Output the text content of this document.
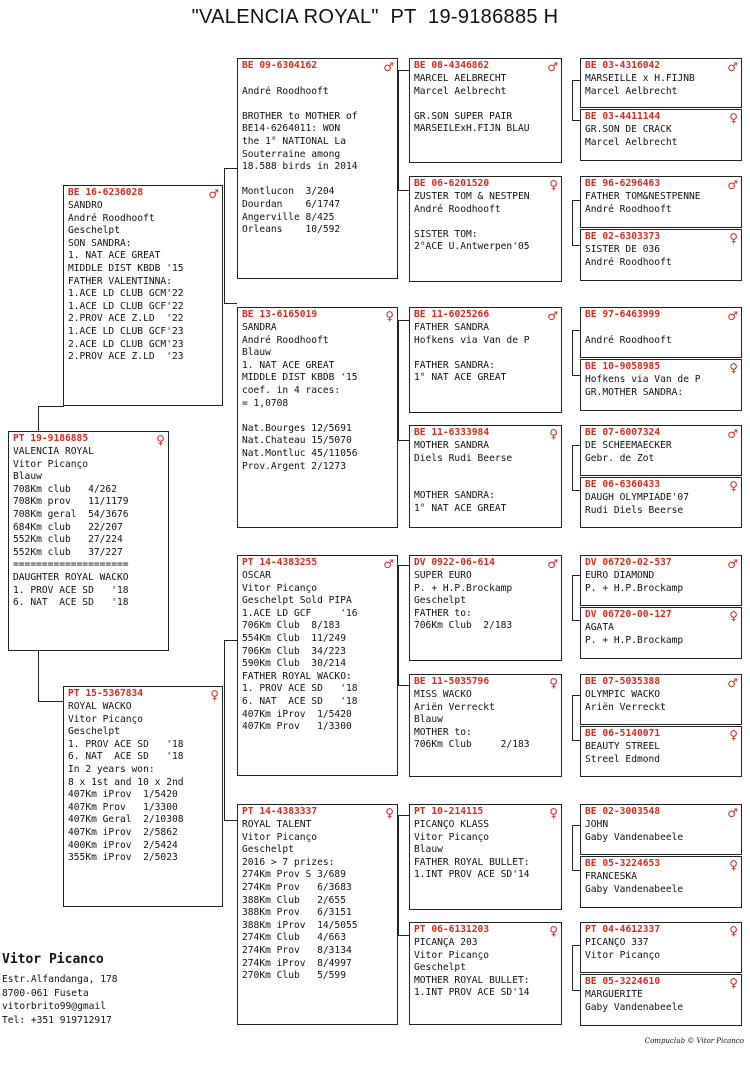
"VALENCIA ROYAL"  PT  19-9186885 H
PT 19-9186885	♀
VALENCIA ROYAL
Vitor Picanço
Blauw
708Km club   4/262
708Km prov   11/1179
708Km geral  54/3676
684Km club   22/207
552Km club   27/224
552Km club   37/227
====================
DAUGHTER ROYAL WACKO
1. PROV ACE SD   '18
6. NAT  ACE SD   '18
BE 16-6236028	♂
SANDRO
André Roodhooft
Geschelpt
SON SANDRA:
1. NAT ACE GREAT
MIDDLE DIST KBDB '15
FATHER VALENTINNA:
1.ACE LD CLUB GCM'22
1.ACE LD CLUB GCF'22
2.PROV ACE Z.LD  '22
1.ACE LD CLUB GCF'23
2.ACE LD CLUB GCM'23
2.PROV ACE Z.LD  '23
PT 15-5367834	♀
ROYAL WACKO
Vitor Picanço
Geschelpt
1. PROV ACE SD   '18
6. NAT  ACE SD   '18
In 2 years won:
8 x 1st and 10 x 2nd
407Km iProv  1/5420
407Km Prov   1/3300
407Km Geral  2/10308
407Km iProv  2/5862
400Km iProv  2/5424
355Km iProv  2/5023
BE 09-6304162	♂
André Roodhooft
BROTHER to MOTHER of
BE14-6264011: WON
the 1° NATIONAL La
Souterraine among
18.588 birds in 2014
Montlucon  3/204
Dourdan    6/1747
Angerville 8/425
Orleans    10/592
BE 13-6165019	♀
SANDRA
André Roodhooft
Blauw
1. NAT ACE GREAT
MIDDLE DIST KBDB '15
coef. in 4 races:
= 1,0708
Nat.Bourges 12/5691
Nat.Chateau 15/5070
Nat.Montluc 45/11056
Prov.Argent 2/1273
PT 14-4383255	♂
OSCAR
Vitor Picanço
Geschelpt Sold PIPA
1.ACE LD GCF     '16
706Km Club  8/183
554Km Club  11/249
706Km Club  34/223
590Km Club  30/214
FATHER ROYAL WACKO:
1. PROV ACE SD   '18
6. NAT  ACE SD   '18
407Km iProv  1/5420
407Km Prov   1/3300
PT 14-4383337	♀
ROYAL TALENT
Vitor Picanço
Geschelpt
2016 > 7 prizes:
274Km Prov S 3/689
274Km Prov   6/3683
388Km Club   2/655
388Km Prov   6/3151
388Km iProv  14/5055
274Km Club   4/663
274Km Prov   8/3134
274Km iProv  8/4997
270Km Club   5/599
BE 08-4346862	♂
MARCEL AELBRECHT
Marcel Aelbrecht
GR.SON SUPER PAIR
MARSEILExH.FIJN BLAU
BE 06-6201520	♀
ZUSTER TOM & NESTPEN
André Roodhooft
SISTER TOM:
2°ACE U.Antwerpen'05
BE 11-6025266	♂
FATHER SANDRA
Hofkens via Van de P
FATHER SANDRA:
1° NAT ACE GREAT
BE 11-6333984	♀
MOTHER SANDRA
Diels Rudi Beerse
MOTHER SANDRA:
1° NAT ACE GREAT
DV 0922-06-614	♂
SUPER EURO
P. + H.P.Brockamp
Geschelpt
FATHER to:
706Km Club  2/183
BE 11-5035796	♀
MISS WACKO
Ariën Verreckt
Blauw
MOTHER to:
706Km Club     2/183
PT 10-214115	♀
PICANÇO KLASS
Vitor Picanço
Blauw
FATHER ROYAL BULLET:
1.INT PROV ACE SD'14
PT 06-6131203	♀
PICANÇA 203
Vitor Picanço
Geschelpt
MOTHER ROYAL BULLET:
1.INT PROV ACE SD'14
BE 03-4316042	♂
MARSEILLE x H.FIJNB
Marcel Aelbrecht
BE 03-4411144	♀
GR.SON DE CRACK
Marcel Aelbrecht
BE 96-6296463	♂
FATHER TOM&NESTPENNE
André Roodhooft
BE 02-6303373	♀
SISTER DE 036
André Roodhooft
BE 97-6463999	♂
André Roodhooft
BE 10-9058985	♀
Hofkens via Van de P
GR.MOTHER SANDRA:
BE 07-6007324	♂
DE SCHEEMAECKER
Gebr. de Zot
BE 06-6360433	♀
DAUGH OLYMPIADE'07
Rudi Diels Beerse
DV 06720-02-537	♂
EURO DIAMOND
P. + H.P.Brockamp
DV 06720-00-127	♀
AGATA
P. + H.P.Brockamp
BE 07-5035388	♂
OLYMPIC WACKO
Ariën Verreckt
BE 06-5140071	♀
BEAUTY STREEL
Streel Edmond
BE 02-3003548	♂
JOHN
Gaby Vandenabeele
BE 05-3224653	♀
FRANCESKA
Gaby Vandenabeele
PT 04-4612337	♀
PICANÇO 337
Vitor Picanço
BE 05-3224610	♀
MARGUERITE
Gaby Vandenabeele
Vitor Picanco
Estr.Alfandanga, 178
8700-061 Fuseta
vitorbrito99@gmail
Tel: +351 919712917
Compuclub © Vitor Picanco
